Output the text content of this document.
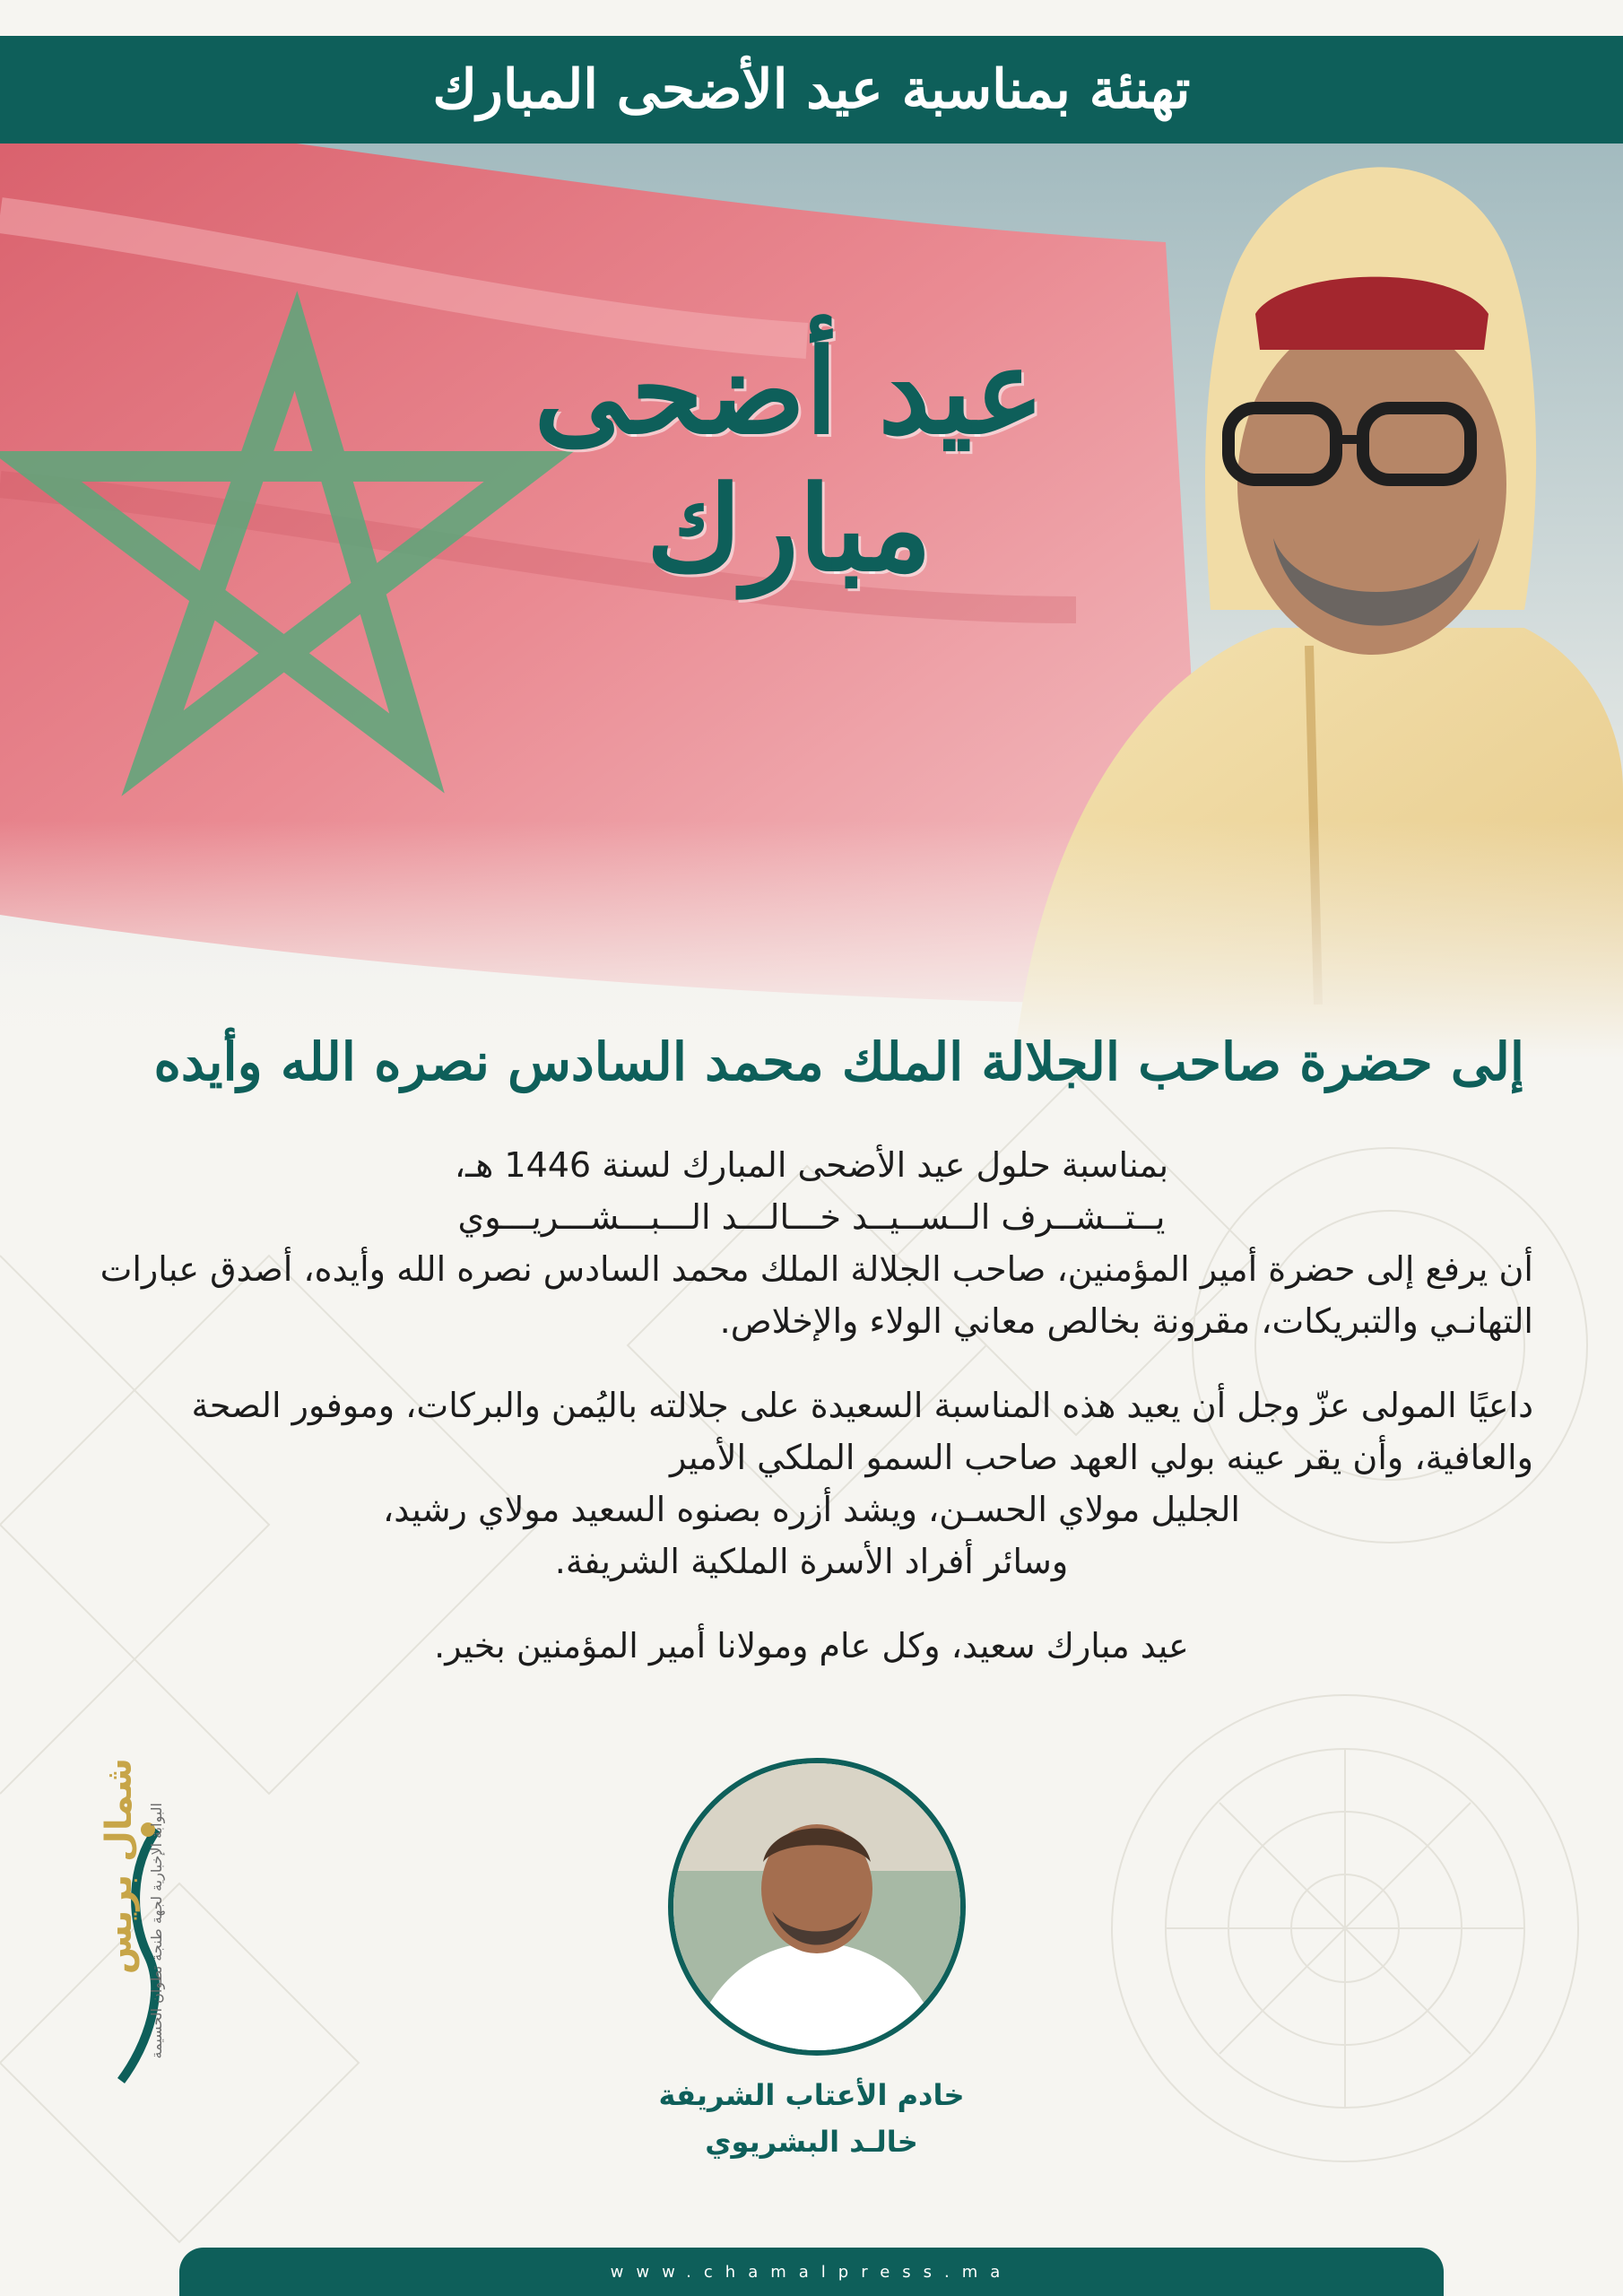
تهنئة بمناسبة عيد الأضحى المبارك
عيد أضحى مبارك
إلى حضرة صاحب الجلالة الملك محمد السادس نصره الله وأيده
بمناسبة حلول عيد الأضحى المبارك لسنة 1446 هـ،
يــتــشــرف الــســيــد خـــالـــد الـــبـــشـــريـــوي
أن يرفع إلى حضرة أمير المؤمنين، صاحب الجلالة الملك محمد السادس نصره الله وأيده، أصدق عبارات التهانـي والتبريكات، مقرونة بخالص معاني الولاء والإخلاص.
داعيًا المولى عزّ وجل أن يعيد هذه المناسبة السعيدة على جلالته باليُمن والبركات، وموفور الصحة والعافية، وأن يقر عينه بولي العهد صاحب السمو الملكي الأمير
الجليل مولاي الحسـن، ويشد أزره بصنوه السعيد مولاي رشيد،
وسائر أفراد الأسرة الملكية الشريفة.
عيد مبارك سعيد، وكل عام ومولانا أمير المؤمنين بخير.
خادم الأعتاب الشريفة
خالـد البشريوي
شمال بريس البوابة الإخبارية لجهة طنجة تطوان الحسيمة
www.chamalpress.ma
